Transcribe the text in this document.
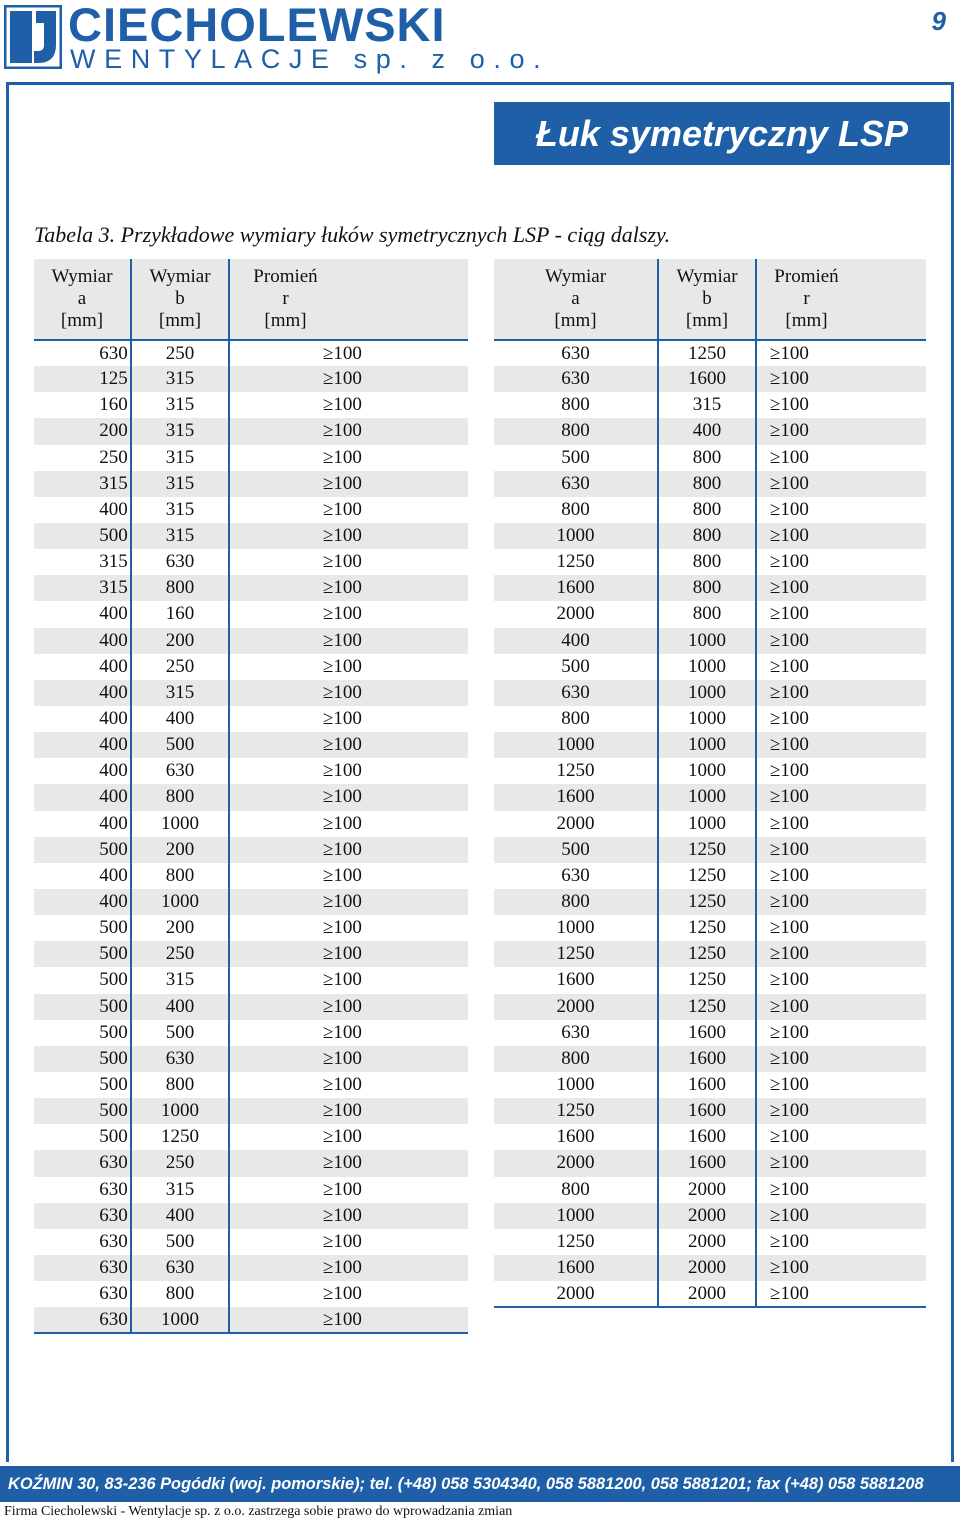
CIECHOLEWSKI
WENTYLACJE sp. z o.o.
9
Łuk symetryczny LSP
Tabela 3. Przykładowe wymiary łuków symetrycznych LSP - ciąg dalszy.
Wymiar
a
[mm]	Wymiar
b
[mm]	Promień
r
[mm]

630	250	≥100
125	315	≥100
160	315	≥100
200	315	≥100
250	315	≥100
315	315	≥100
400	315	≥100
500	315	≥100
315	630	≥100
315	800	≥100
400	160	≥100
400	200	≥100
400	250	≥100
400	315	≥100
400	400	≥100
400	500	≥100
400	630	≥100
400	800	≥100
400	1000	≥100
500	200	≥100
400	800	≥100
400	1000	≥100
500	200	≥100
500	250	≥100
500	315	≥100
500	400	≥100
500	500	≥100
500	630	≥100
500	800	≥100
500	1000	≥100
500	1250	≥100
630	250	≥100
630	315	≥100
630	400	≥100
630	500	≥100
630	630	≥100
630	800	≥100
630	1000	≥100
Wymiar
a
[mm]	Wymiar
b
[mm]	Promień
r
[mm]

630	1250	≥100
630	1600	≥100
800	315	≥100
800	400	≥100
500	800	≥100
630	800	≥100
800	800	≥100
1000	800	≥100
1250	800	≥100
1600	800	≥100
2000	800	≥100
400	1000	≥100
500	1000	≥100
630	1000	≥100
800	1000	≥100
1000	1000	≥100
1250	1000	≥100
1600	1000	≥100
2000	1000	≥100
500	1250	≥100
630	1250	≥100
800	1250	≥100
1000	1250	≥100
1250	1250	≥100
1600	1250	≥100
2000	1250	≥100
630	1600	≥100
800	1600	≥100
1000	1600	≥100
1250	1600	≥100
1600	1600	≥100
2000	1600	≥100
800	2000	≥100
1000	2000	≥100
1250	2000	≥100
1600	2000	≥100
2000	2000	≥100
KOŹMIN 30, 83-236 Pogódki (woj. pomorskie); tel. (+48) 058 5304340, 058 5881200, 058 5881201; fax (+48) 058 5881208
Firma Ciecholewski - Wentylacje sp. z o.o. zastrzega sobie prawo do wprowadzania zmian
